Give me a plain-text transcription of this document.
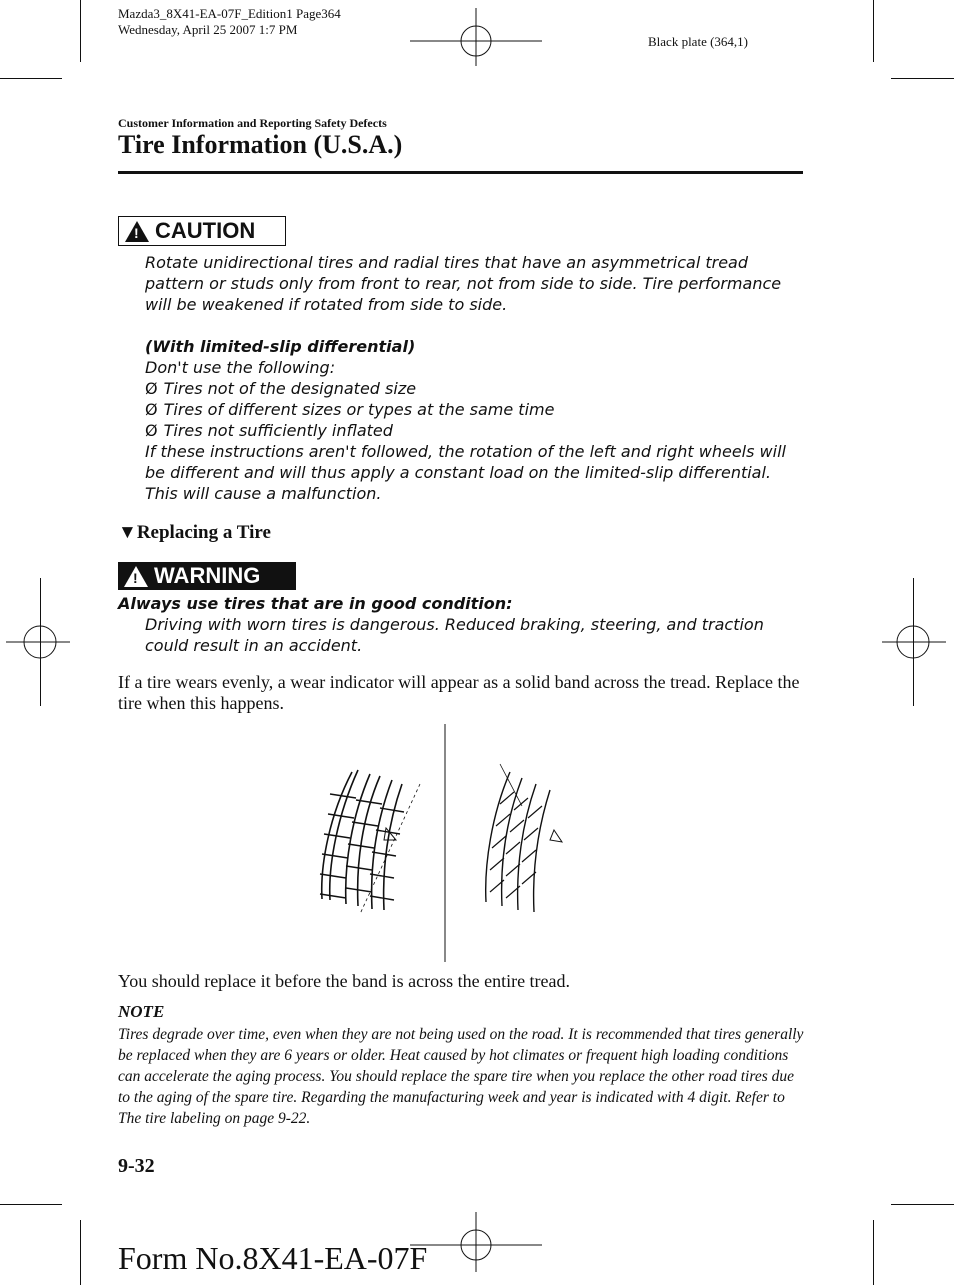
Mazda3_8X41-EA-07F_Edition1 Page364
Wednesday, April 25 2007 1:7 PM
Black plate (364,1)
Customer Information and Reporting Safety Defects
Tire Information (U.S.A.)
! CAUTION

Rotate unidirectional tires and radial tires that have an asymmetrical tread pattern or studs only from front to rear, not from side to side. Tire performance will be weakened if rotated from side to side.

(With limited-slip differential)

Don't use the following:

Ø Tires not of the designated size
Ø Tires of different sizes or types at the same time
Ø Tires not sufficiently inflated

If these instructions aren't followed, the rotation of the left and right wheels will be different and will thus apply a constant load on the limited-slip differential.

This will cause a malfunction.

▼Replacing a Tire
! WARNING
Always use tires that are in good condition:
Driving with worn tires is dangerous. Reduced braking, steering, and traction could result in an accident.
If a tire wears evenly, a wear indicator will appear as a solid band across the tread. Replace the tire when this happens.
You should replace it before the band is across the entire tread.
NOTE
Tires degrade over time, even when they are not being used on the road. It is recommended that tires generally be replaced when they are 6 years or older. Heat caused by hot climates or frequent high loading conditions can accelerate the aging process. You should replace the spare tire when you replace the other road tires due to the aging of the spare tire. Regarding the manufacturing week and year is indicated with 4 digit. Refer to The tire labeling on page 9-22.
9-32
Form No.8X41-EA-07F
